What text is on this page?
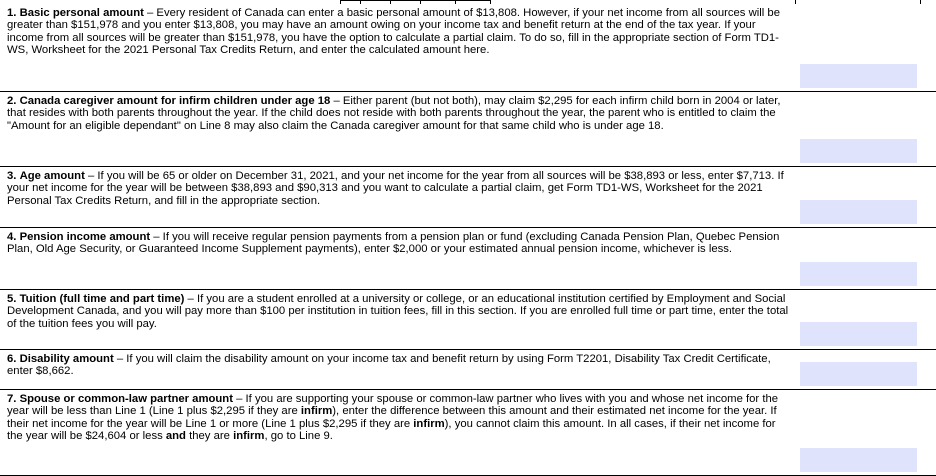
1. Basic personal amount – Every resident of Canada can enter a basic personal amount of $13,808. However, if your net income from all sources will be greater than $151,978 and you enter $13,808, you may have an amount owing on your income tax and benefit return at the end of the tax year. If your income from all sources will be greater than $151,978, you have the option to calculate a partial claim. To do so, fill in the appropriate section of Form TD1-WS, Worksheet for the 2021 Personal Tax Credits Return, and enter the calculated amount here.
2. Canada caregiver amount for infirm children under age 18 – Either parent (but not both), may claim $2,295 for each infirm child born in 2004 or later, that resides with both parents throughout the year. If the child does not reside with both parents throughout the year, the parent who is entitled to claim the "Amount for an eligible dependant" on Line 8 may also claim the Canada caregiver amount for that same child who is under age 18.
3. Age amount – If you will be 65 or older on December 31, 2021, and your net income for the year from all sources will be $38,893 or less, enter $7,713. If your net income for the year will be between $38,893 and $90,313 and you want to calculate a partial claim, get Form TD1-WS, Worksheet for the 2021 Personal Tax Credits Return, and fill in the appropriate section.
4. Pension income amount – If you will receive regular pension payments from a pension plan or fund (excluding Canada Pension Plan, Quebec Pension Plan, Old Age Security, or Guaranteed Income Supplement payments), enter $2,000 or your estimated annual pension income, whichever is less.
5. Tuition (full time and part time) – If you are a student enrolled at a university or college, or an educational institution certified by Employment and Social Development Canada, and you will pay more than $100 per institution in tuition fees, fill in this section. If you are enrolled full time or part time, enter the total of the tuition fees you will pay.
6. Disability amount – If you will claim the disability amount on your income tax and benefit return by using Form T2201, Disability Tax Credit Certificate, enter $8,662.
7. Spouse or common-law partner amount – If you are supporting your spouse or common-law partner who lives with you and whose net income for the year will be less than Line 1 (Line 1 plus $2,295 if they are infirm), enter the difference between this amount and their estimated net income for the year. If their net income for the year will be Line 1 or more (Line 1 plus $2,295 if they are infirm), you cannot claim this amount. In all cases, if their net income for the year will be $24,604 or less and they are infirm, go to Line 9.
